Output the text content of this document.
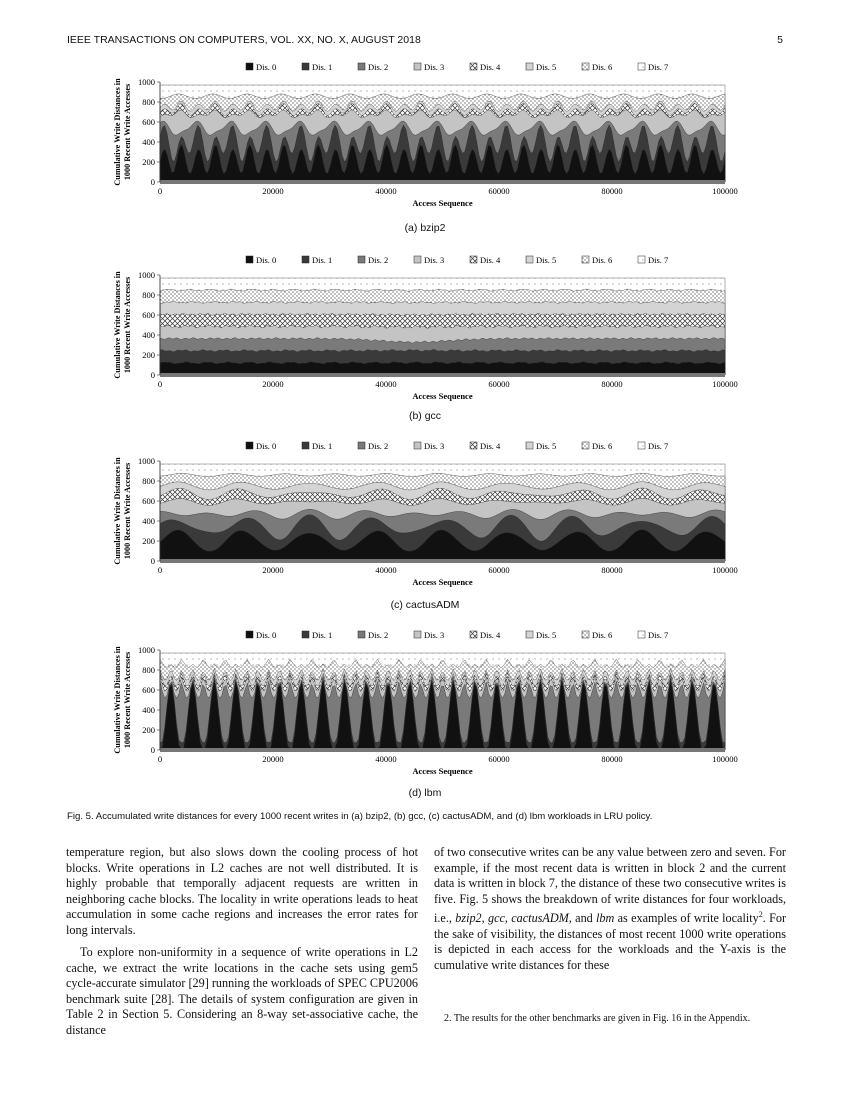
IEEE TRANSACTIONS ON COMPUTERS, VOL. XX, NO. X, AUGUST 2018	5
Dis. 0	Dis. 1	Dis. 2	Dis. 3	Dis. 4	Dis. 5	Dis. 6	Dis. 7
0
200
400
600
800
1000
0	20000	40000	60000	80000	100000
Access Sequence
Cumulative Write Distances in 1000 Recent Write Accesses
(a) bzip2
Dis. 0	Dis. 1	Dis. 2	Dis. 3	Dis. 4	Dis. 5	Dis. 6	Dis. 7
0
200
400
600
800
1000
0	20000	40000	60000	80000	100000
Access Sequence
Cumulative Write Distances in 1000 Recent Write Accesses
(b) gcc
Dis. 0	Dis. 1	Dis. 2	Dis. 3	Dis. 4	Dis. 5	Dis. 6	Dis. 7
0
200
400
600
800
1000
0	20000	40000	60000	80000	100000
Access Sequence
Cumulative Write Distances in 1000 Recent Write Accesses
(c) cactusADM
Dis. 0	Dis. 1	Dis. 2	Dis. 3	Dis. 4	Dis. 5	Dis. 6	Dis. 7
0
200
400
600
800
1000
0	20000	40000	60000	80000	100000
Access Sequence
Cumulative Write Distances in 1000 Recent Write Accesses
(d) lbm
Fig. 5. Accumulated write distances for every 1000 recent writes in (a) bzip2, (b) gcc, (c) cactusADM, and (d) lbm workloads in LRU policy.

temperature region, but also slows down the cooling process of hot blocks. Write operations in L2 caches are not well distributed. It is highly probable that temporally adjacent requests are written in neighboring cache blocks. The locality in write operations leads to heat accumulation in some cache regions and increases the error rates for long intervals.

To explore non-uniformity in a sequence of write operations in L2 cache, we extract the write locations in the cache sets using gem5 cycle-accurate simulator [29] running the workloads of SPEC CPU2006 benchmark suite [28]. The details of system configuration are given in Table 2 in Section 5. Considering an 8-way set-associative cache, the distance

of two consecutive writes can be any value between zero and seven. For example, if the most recent data is written in block 2 and the current data is written in block 7, the distance of these two consecutive writes is five. Fig. 5 shows the breakdown of write distances for four workloads, i.e., bzip2, gcc, cactusADM, and lbm as examples of write locality$^2$. For the sake of visibility, the distances of most recent 1000 write operations is depicted in each access for the workloads and the Y-axis is the cumulative write distances for these

2. The results for the other benchmarks are given in Fig. 16 in the Appendix.
